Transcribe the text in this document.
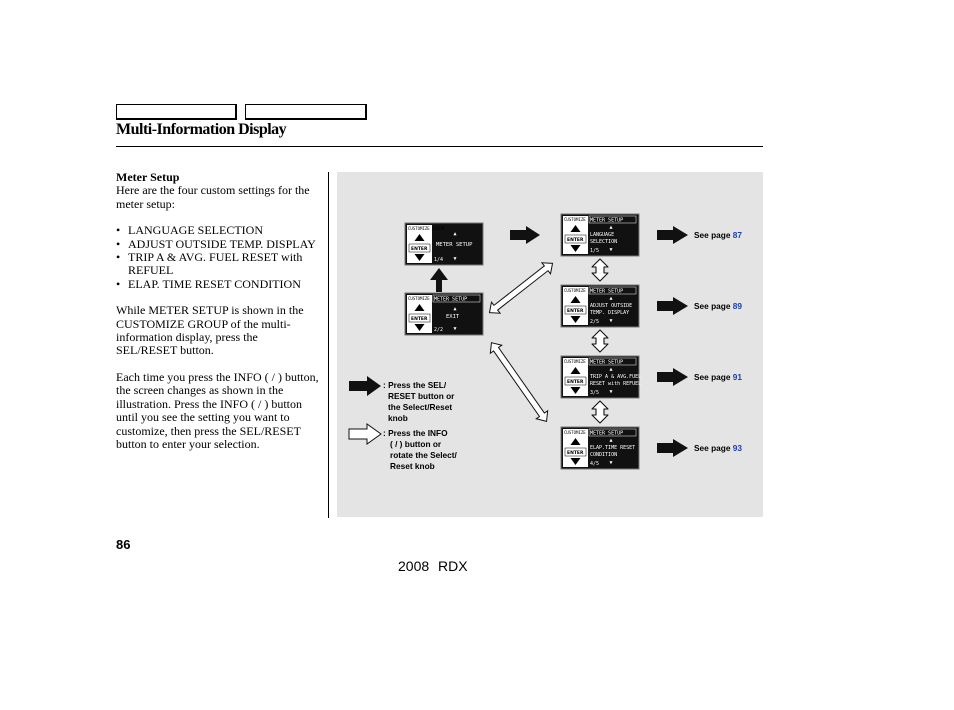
Multi-Information Display

Meter Setup

Here are the four custom settings for the meter setup:

• LANGUAGE SELECTION
• ADJUST OUTSIDE TEMP. DISPLAY
• TRIP A & AVG. FUEL RESET with REFUEL
• ELAP. TIME RESET CONDITION

While METER SETUP is shown in the CUSTOMIZE GROUP of the multi-information display, press the SEL/RESET button.

Each time you press the INFO ( / ) button, the screen changes as shown in the illustration. Press the INFO ( / ) button until you see the setting you want to customize, then press the SEL/RESET button to enter your selection.

CUSTOMIZE GROUP
ENTER
▲
METER SETUP
1/4 ▼
CUSTOMIZE MENU
ENTER
METER SETUP
▲
EXIT
2/2 ▼
CUSTOMIZE MENU
ENTER
METER SETUP
▲
LANGUAGE
SELECTION
1/5 ▼
See page 87
CUSTOMIZE MENU
ENTER
METER SETUP
▲
ADJUST OUTSIDE
TEMP. DISPLAY
2/5 ▼
See page 89
CUSTOMIZE MENU
ENTER
METER SETUP
▲
TRIP A & AVG.FUEL
RESET with REFUEL
3/5 ▼
See page 91
CUSTOMIZE MENU
ENTER
METER SETUP
▲
ELAP.TIME RESET
CONDITION
4/5 ▼
See page 93
: Press the SEL/ RESET button or the Select/Reset knob
: Press the INFO ( / ) button or rotate the Select/ Reset knob
86
2008 RDX
